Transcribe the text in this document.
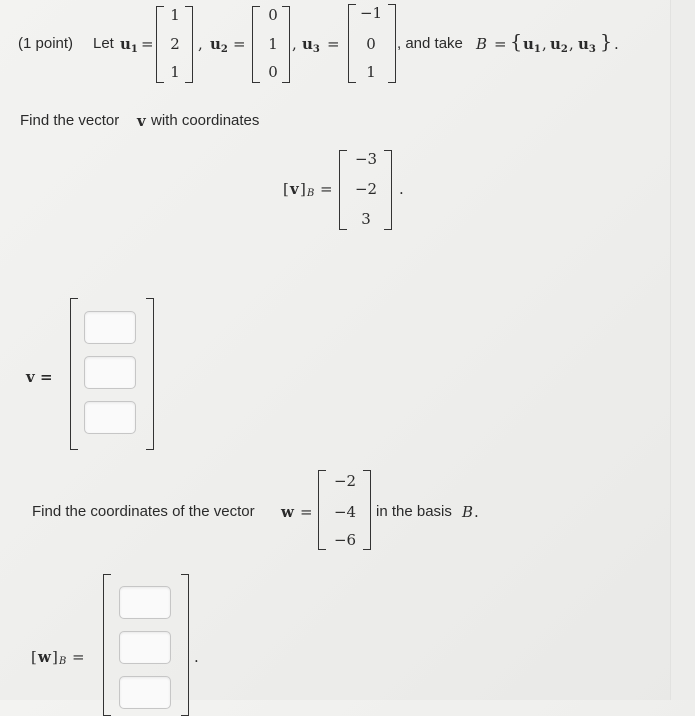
(1 point) Let $u_1$ =
1
2
1
, $u_2$ =
0
1
0
, $u_3$ =
−1
0
1
, and take B = { $u_1$ , $u_2$ , $u_3$ } .
Find the vector v with coordinates
[ v ] B =
−3
−2
3
.
v =
Find the coordinates of the vector w =
−2
−4
−6
in the basis B .
[ w ] B =	.
